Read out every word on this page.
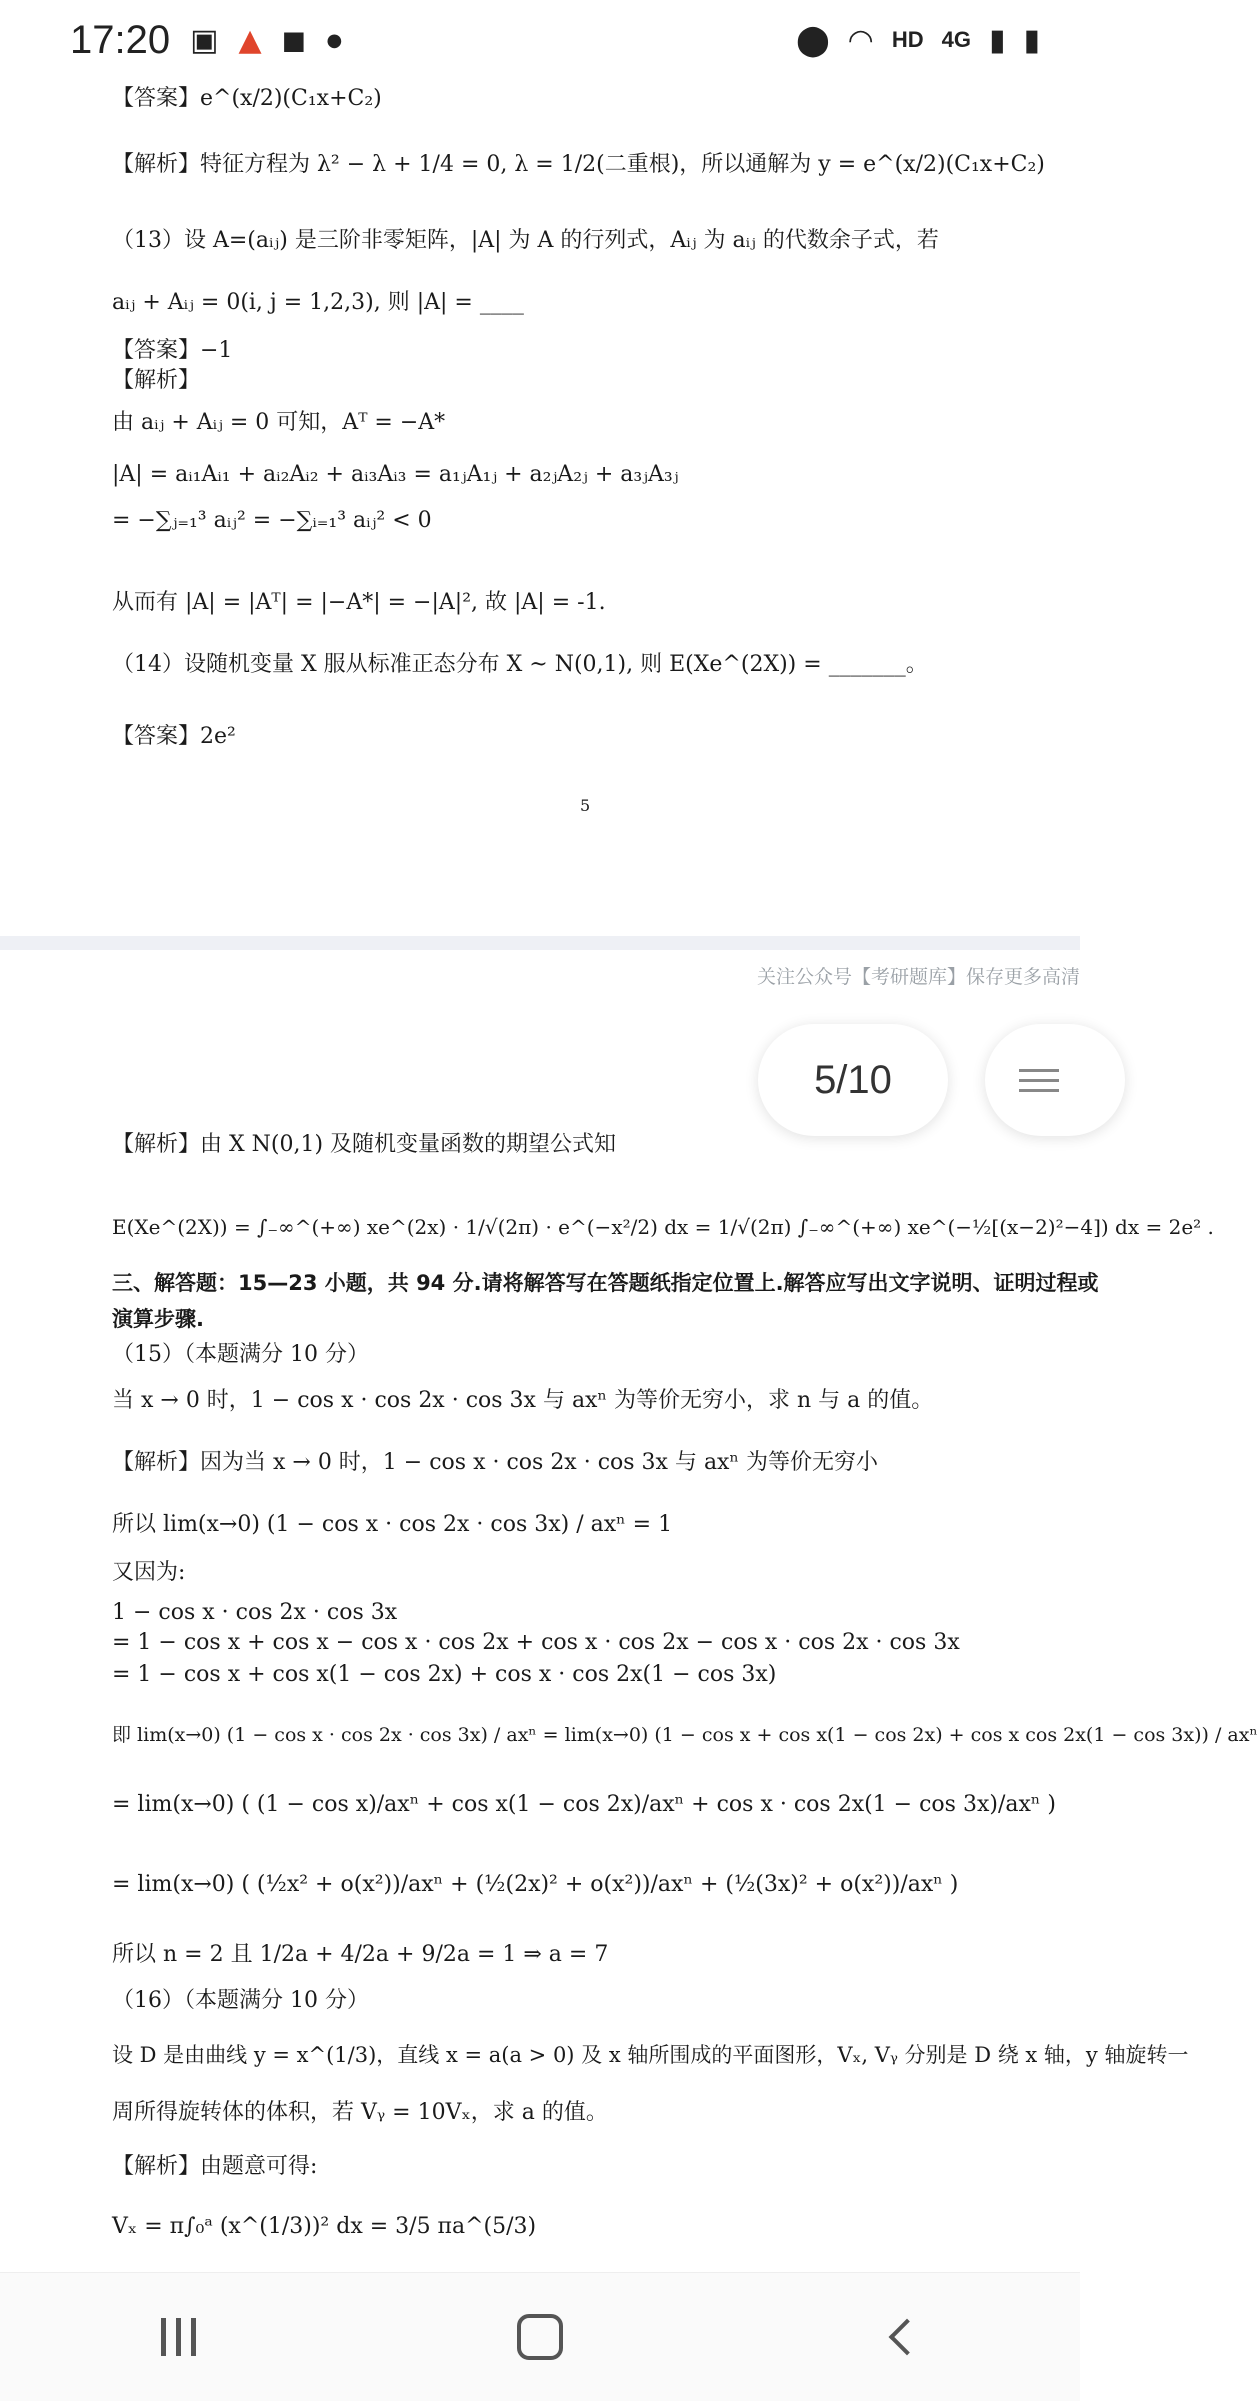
17:20 ▣ ▲ ◼ ●	⬤ ◠ HD 4G ▮ ▮
【答案】e^(x/2)(C₁x+C₂)
【解析】特征方程为 λ² − λ + 1/4 = 0, λ = 1/2(二重根)，所以通解为 y = e^(x/2)(C₁x+C₂)
（13）设 A=(aᵢⱼ) 是三阶非零矩阵，|A| 为 A 的行列式，Aᵢⱼ 为 aᵢⱼ 的代数余子式，若
aᵢⱼ + Aᵢⱼ = 0(i, j = 1,2,3), 则 |A| = ____
【答案】−1
【解析】
由 aᵢⱼ + Aᵢⱼ = 0 可知，Aᵀ = −A*
|A| = aᵢ₁Aᵢ₁ + aᵢ₂Aᵢ₂ + aᵢ₃Aᵢ₃ = a₁ⱼA₁ⱼ + a₂ⱼA₂ⱼ + a₃ⱼA₃ⱼ
= −∑ⱼ₌₁³ aᵢⱼ² = −∑ᵢ₌₁³ aᵢⱼ² < 0
从而有 |A| = |Aᵀ| = |−A*| = −|A|², 故 |A| = -1.
（14）设随机变量 X 服从标准正态分布 X ~ N(0,1), 则 E(Xe^(2X)) = _______。
【答案】2e²
5
关注公众号【考研题库】保存更多高清
【解析】由 X N(0,1) 及随机变量函数的期望公式知
E(Xe^(2X)) = ∫₋∞^(+∞) xe^(2x) · 1/√(2π) · e^(−x²/2) dx = 1/√(2π) ∫₋∞^(+∞) xe^(−½[(x−2)²−4]) dx = 2e² .
三、解答题：15—23 小题，共 94 分.请将解答写在答题纸指定位置上.解答应写出文字说明、证明过程或
演算步骤.
（15）（本题满分 10 分）
当 x → 0 时，1 − cos x · cos 2x · cos 3x 与 axⁿ 为等价无穷小，求 n 与 a 的值。
【解析】因为当 x → 0 时，1 − cos x · cos 2x · cos 3x 与 axⁿ 为等价无穷小
所以 lim(x→0) (1 − cos x · cos 2x · cos 3x) / axⁿ = 1
又因为:
1 − cos x · cos 2x · cos 3x
= 1 − cos x + cos x − cos x · cos 2x + cos x · cos 2x − cos x · cos 2x · cos 3x
= 1 − cos x + cos x(1 − cos 2x) + cos x · cos 2x(1 − cos 3x)
即 lim(x→0) (1 − cos x · cos 2x · cos 3x) / axⁿ = lim(x→0) (1 − cos x + cos x(1 − cos 2x) + cos x cos 2x(1 − cos 3x)) / axⁿ
= lim(x→0) ( (1 − cos x)/axⁿ + cos x(1 − cos 2x)/axⁿ + cos x · cos 2x(1 − cos 3x)/axⁿ )
= lim(x→0) ( (½x² + o(x²))/axⁿ + (½(2x)² + o(x²))/axⁿ + (½(3x)² + o(x²))/axⁿ )
所以 n = 2 且 1/2a + 4/2a + 9/2a = 1 ⇒ a = 7
（16）（本题满分 10 分）
设 D 是由曲线 y = x^(1/3)，直线 x = a(a > 0) 及 x 轴所围成的平面图形，Vₓ, Vᵧ 分别是 D 绕 x 轴，y 轴旋转一
周所得旋转体的体积，若 Vᵧ = 10Vₓ，求 a 的值。
【解析】由题意可得:
Vₓ = π∫₀ᵃ (x^(1/3))² dx = 3/5 πa^(5/3)
5/10
